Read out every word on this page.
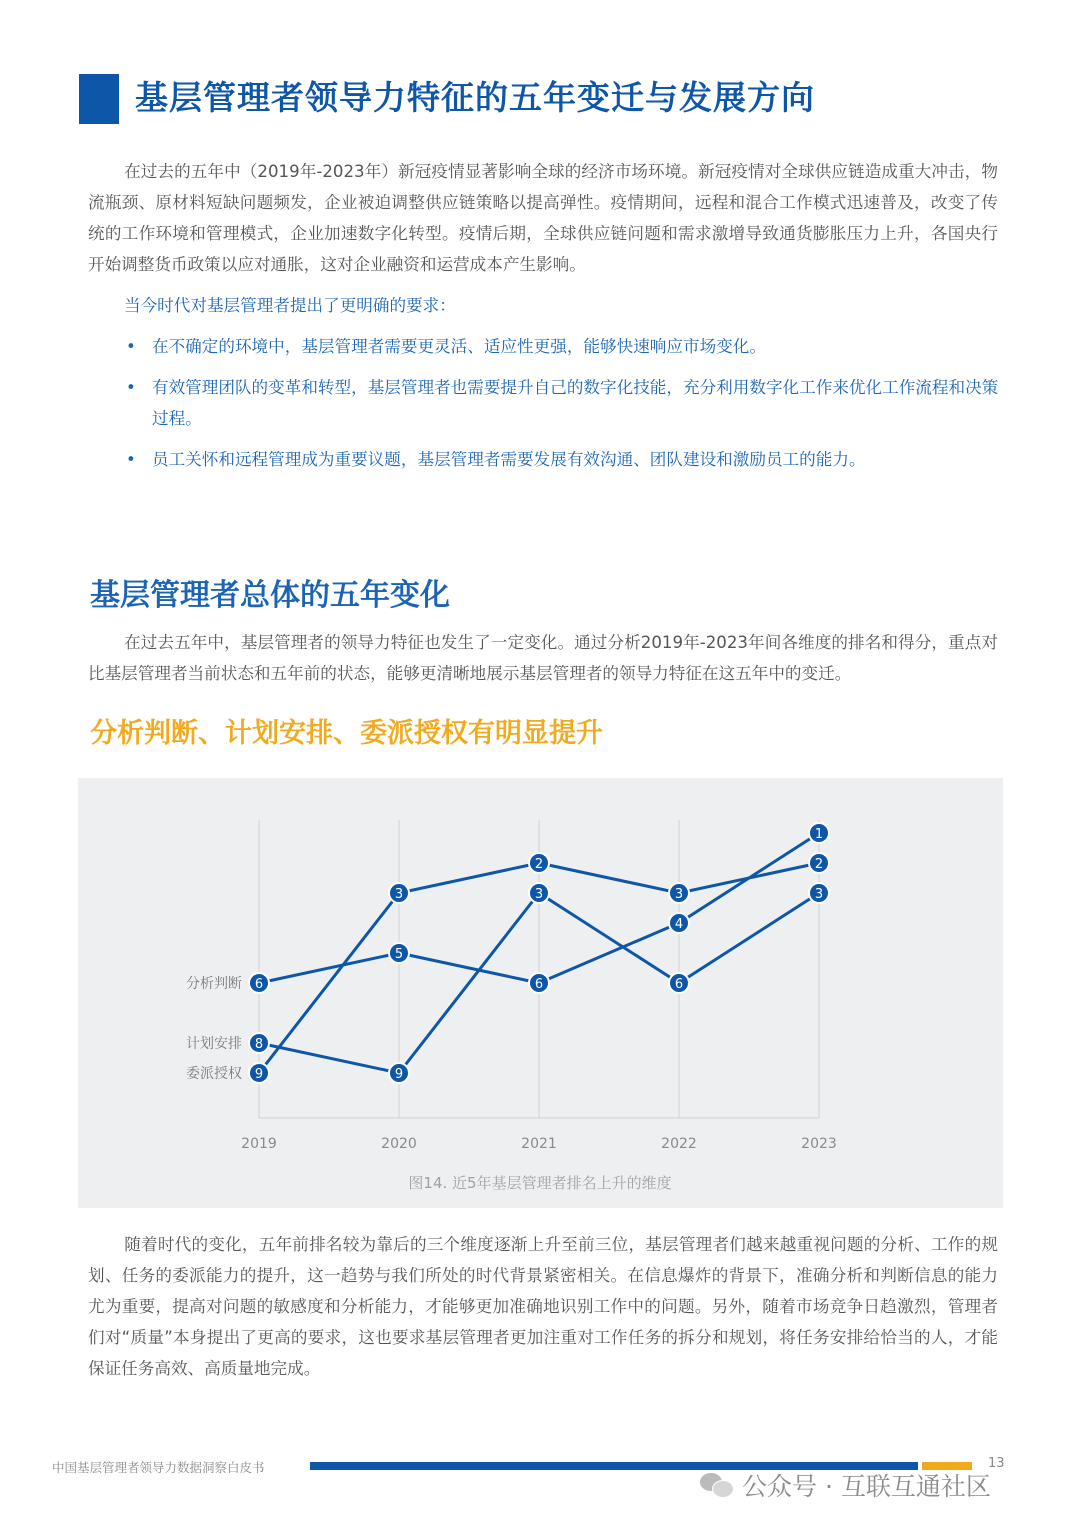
基层管理者领导力特征的五年变迁与发展方向

在过去的五年中（2019年-2023年）新冠疫情显著影响全球的经济市场环境。新冠疫情对全球供应链造成重大冲击，物流瓶颈、原材料短缺问题频发，企业被迫调整供应链策略以提高弹性。疫情期间，远程和混合工作模式迅速普及，改变了传统的工作环境和管理模式，企业加速数字化转型。疫情后期，全球供应链问题和需求激增导致通货膨胀压力上升，各国央行开始调整货币政策以应对通胀，这对企业融资和运营成本产生影响。

当今时代对基层管理者提出了更明确的要求：
• 在不确定的环境中，基层管理者需要更灵活、适应性更强，能够快速响应市场变化。
• 有效管理团队的变革和转型，基层管理者也需要提升自己的数字化技能，充分利用数字化工作来优化工作流程和决策过程。
• 员工关怀和远程管理成为重要议题，基层管理者需要发展有效沟通、团队建设和激励员工的能力。
基层管理者总体的五年变化

在过去五年中，基层管理者的领导力特征也发生了一定变化。通过分析2019年-2023年间各维度的排名和得分，重点对比基层管理者当前状态和五年前的状态，能够更清晰地展示基层管理者的领导力特征在这五年中的变迁。

分析判断、计划安排、委派授权有明显提升
2019	2020	2021	2022	2023
分析判断
计划安排
委派授权
6
5
6
4
1
8
9
3
6
3
9
3
2
3
2
图14. 近5年基层管理者排名上升的维度

随着时代的变化，五年前排名较为靠后的三个维度逐渐上升至前三位，基层管理者们越来越重视问题的分析、工作的规划、任务的委派能力的提升，这一趋势与我们所处的时代背景紧密相关。在信息爆炸的背景下，准确分析和判断信息的能力尤为重要，提高对问题的敏感度和分析能力，才能够更加准确地识别工作中的问题。另外，随着市场竞争日趋激烈，管理者们对“质量”本身提出了更高的要求，这也要求基层管理者更加注重对工作任务的拆分和规划，将任务安排给恰当的人，才能保证任务高效、高质量地完成。

中国基层管理者领导力数据洞察白皮书	13
公众号 · 互联互通社区
